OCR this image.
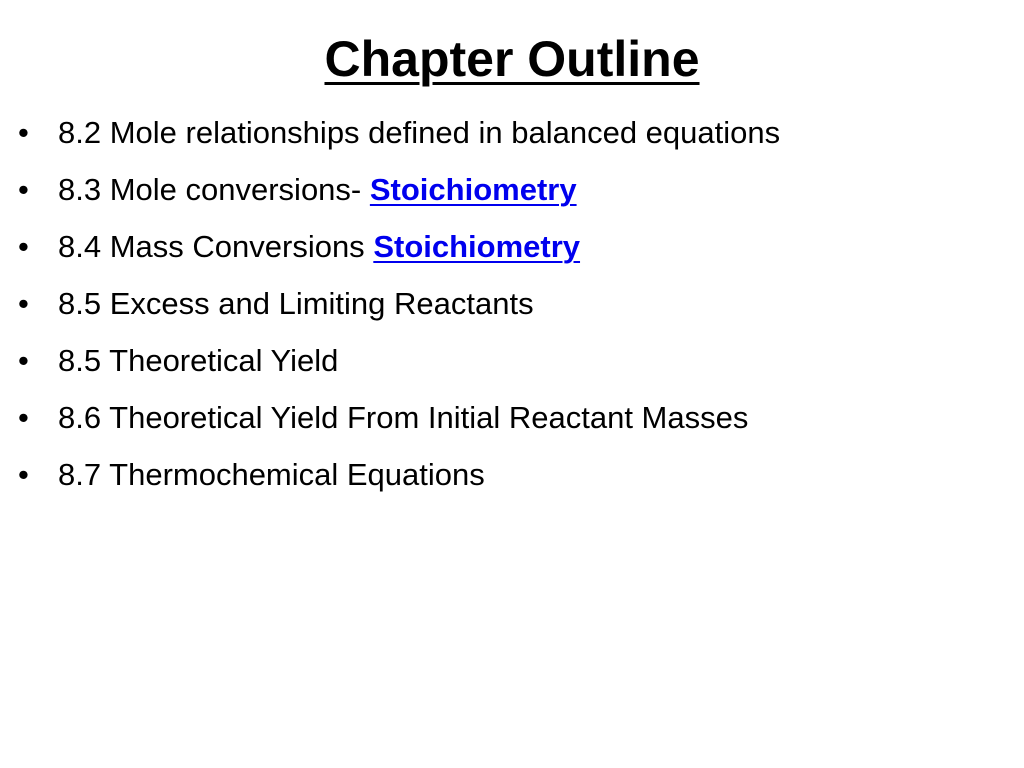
Chapter Outline
• 8.2 Mole relationships defined in balanced equations
• 8.3 Mole conversions- Stoichiometry
• 8.4 Mass Conversions Stoichiometry
• 8.5 Excess and Limiting Reactants
• 8.5 Theoretical Yield
• 8.6 Theoretical Yield From Initial Reactant Masses
• 8.7 Thermochemical Equations
